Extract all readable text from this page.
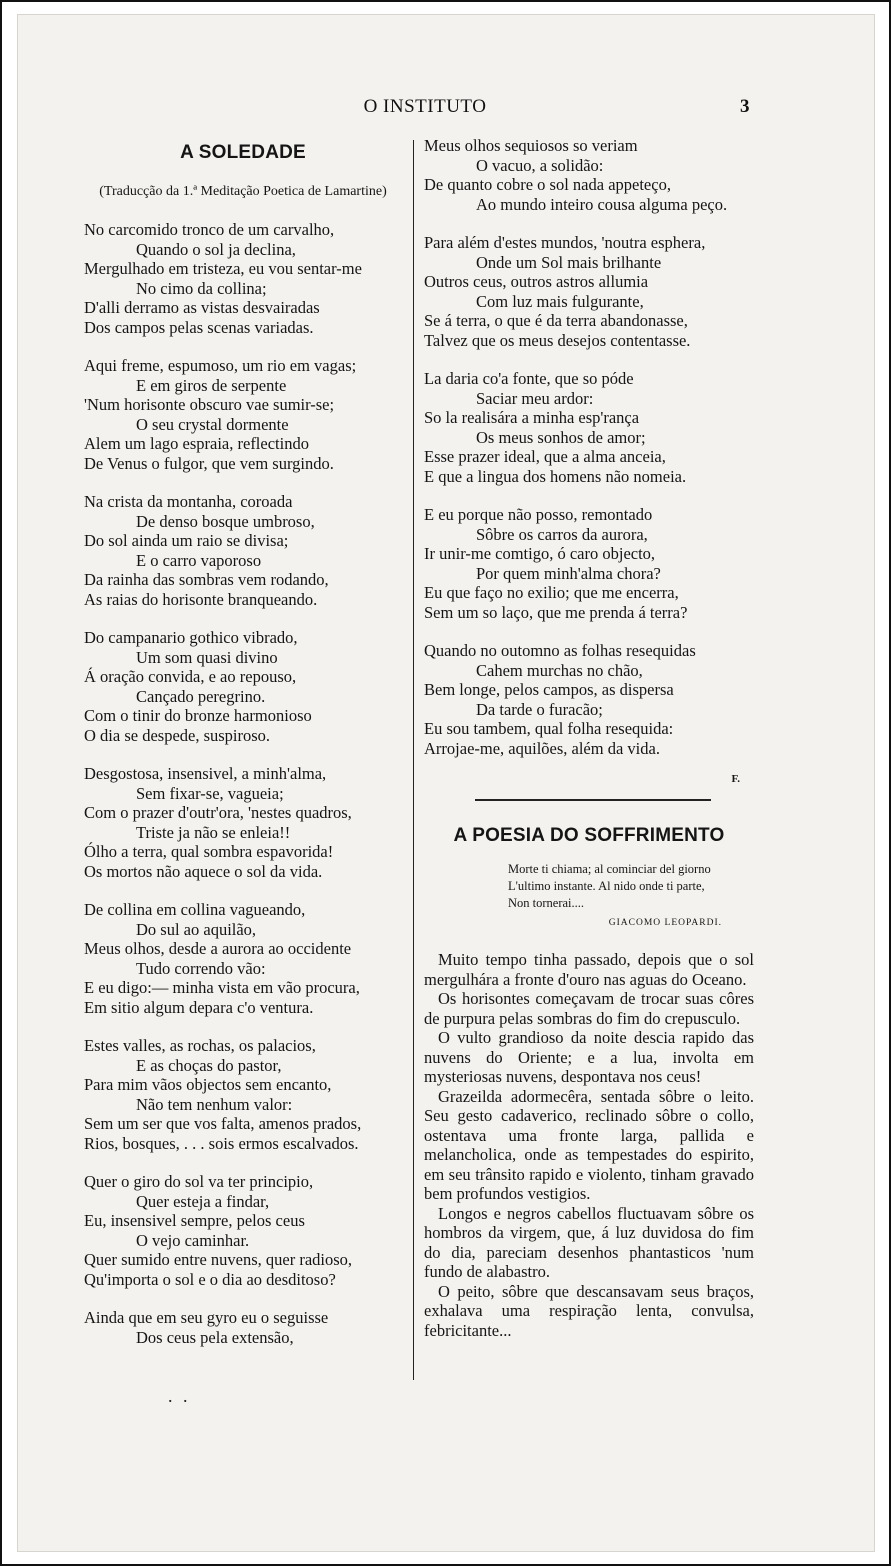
O INSTITUTO	3
A SOLEDADE
(Traducção da 1.ª Meditação Poetica de Lamartine)
No carcomido tronco de um carvalho,
Quando o sol ja declina,
Mergulhado em tristeza, eu vou sentar-me
No cimo da collina;
D'alli derramo as vistas desvairadas
Dos campos pelas scenas variadas.
Aqui freme, espumoso, um rio em vagas;
E em giros de serpente
'Num horisonte obscuro vae sumir-se;
O seu crystal dormente
Alem um lago espraia, reflectindo
De Venus o fulgor, que vem surgindo.
Na crista da montanha, coroada
De denso bosque umbroso,
Do sol ainda um raio se divisa;
E o carro vaporoso
Da rainha das sombras vem rodando,
As raias do horisonte branqueando.
Do campanario gothico vibrado,
Um som quasi divino
Á oração convida, e ao repouso,
Cançado peregrino.
Com o tinir do bronze harmonioso
O dia se despede, suspiroso.
Desgostosa, insensivel, a minh'alma,
Sem fixar-se, vagueia;
Com o prazer d'outr'ora, 'nestes quadros,
Triste ja não se enleia!!
Ólho a terra, qual sombra espavorida!
Os mortos não aquece o sol da vida.
De collina em collina vagueando,
Do sul ao aquilão,
Meus olhos, desde a aurora ao occidente
Tudo correndo vão:
E eu digo:— minha vista em vão procura,
Em sitio algum depara c'o ventura.
Estes valles, as rochas, os palacios,
E as choças do pastor,
Para mim vãos objectos sem encanto,
Não tem nenhum valor:
Sem um ser que vos falta, amenos prados,
Rios, bosques, . . . sois ermos escalvados.
Quer o giro do sol va ter principio,
Quer esteja a findar,
Eu, insensivel sempre, pelos ceus
O vejo caminhar.
Quer sumido entre nuvens, quer radioso,
Qu'importa o sol e o dia ao desditoso?
Ainda que em seu gyro eu o seguisse
Dos ceus pela extensão,
. .
Meus olhos sequiosos so veriam
O vacuo, a solidão:
De quanto cobre o sol nada appeteço,
Ao mundo inteiro cousa alguma peço.
Para além d'estes mundos, 'noutra esphera,
Onde um Sol mais brilhante
Outros ceus, outros astros allumia
Com luz mais fulgurante,
Se á terra, o que é da terra abandonasse,
Talvez que os meus desejos contentasse.
La daria co'a fonte, que so póde
Saciar meu ardor:
So la realisára a minha esp'rança
Os meus sonhos de amor;
Esse prazer ideal, que a alma anceia,
E que a lingua dos homens não nomeia.
E eu porque não posso, remontado
Sôbre os carros da aurora,
Ir unir-me comtigo, ó caro objecto,
Por quem minh'alma chora?
Eu que faço no exilio; que me encerra,
Sem um so laço, que me prenda á terra?
Quando no outomno as folhas resequidas
Cahem murchas no chão,
Bem longe, pelos campos, as dispersa
Da tarde o furacão;
Eu sou tambem, qual folha resequida:
Arrojae-me, aquilões, além da vida.
F.
A POESIA DO SOFFRIMENTO
Morte ti chiama; al cominciar del giorno
L'ultimo instante. Al nido onde ti parte,
Non tornerai....
GIACOMO LEOPARDI.

Muito tempo tinha passado, depois que o sol mergulhára a fronte d'ouro nas aguas do Oceano.

Os horisontes começavam de trocar suas côres de purpura pelas sombras do fim do crepusculo.

O vulto grandioso da noite descia rapido das nuvens do Oriente; e a lua, involta em mysteriosas nuvens, despontava nos ceus!

Grazeilda adormecêra, sentada sôbre o leito. Seu gesto cadaverico, reclinado sôbre o collo, ostentava uma fronte larga, pallida e melancholica, onde as tempestades do espirito, em seu trânsito rapido e violento, tinham gravado bem profundos vestigios.

Longos e negros cabellos fluctuavam sôbre os hombros da virgem, que, á luz duvidosa do fim do dia, pareciam desenhos phantasticos 'num fundo de alabastro.

O peito, sôbre que descansavam seus braços, exhalava uma respiração lenta, convulsa, febricitante...
